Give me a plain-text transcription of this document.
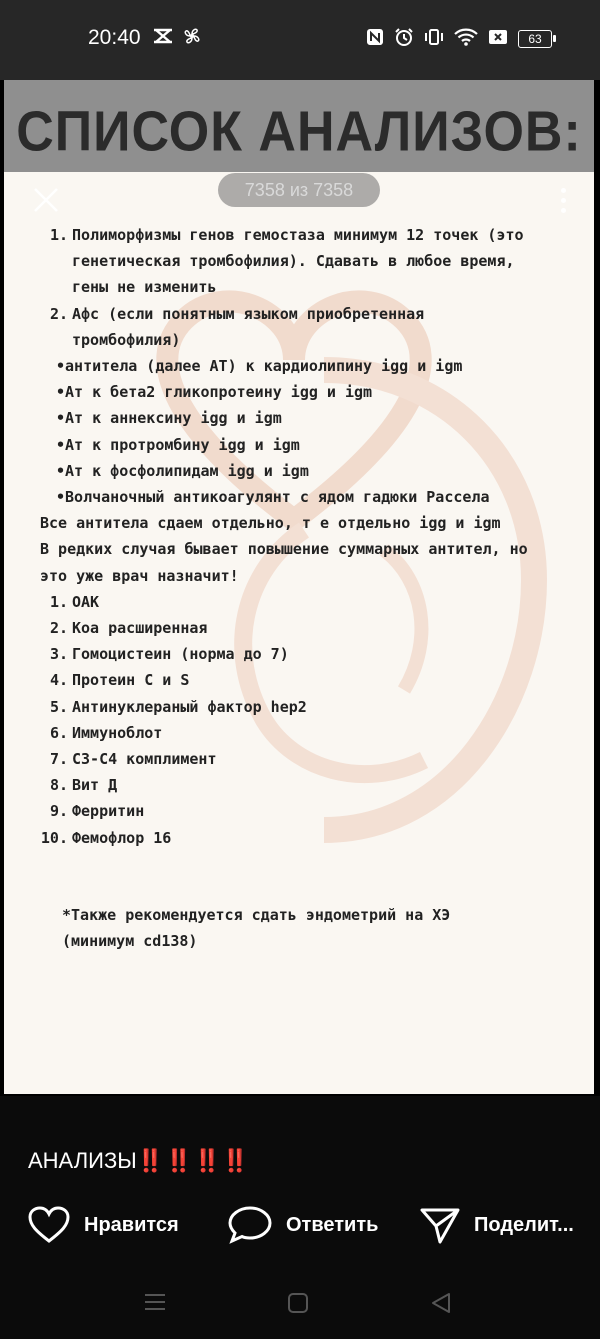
20:40	63
СПИСОК АНАЛИЗОВ:
1. Полиморфизмы генов гемостаза минимум 12 точек (это
генетическая тромбофилия). Сдавать в любое время,
гены не изменить
2. Афс (если понятным языком приобретенная
тромбофилия)
• антитела (далее АТ) к кардиолипину igg и igm
• Ат к бета2 гликопротеину igg и igm
• Ат к аннексину igg и igm
• Ат к протромбину igg и igm
• Ат к фосфолипидам igg и igm
• Волчаночный антикоагулянт с ядом гадюки Рассела
Все антитела сдаем отдельно, т е отдельно igg и igm
В редких случая бывает повышение суммарных антител, но
это уже врач назначит!
1. ОАК
2. Коа расширенная
3. Гомоцистеин (норма до 7)
4. Протеин С и S
5. Антинуклераный фактор hep2
6. Иммуноблот
7. С3-С4 комплимент
8. Вит Д
9. Ферритин
10. Фемофлор 16
*Также рекомендуется сдать эндометрий на ХЭ
(минимум cd138)
7358 из 7358
АНАЛИЗЫ‼️‼️‼️‼️
Нравится	Ответить	Поделит...
